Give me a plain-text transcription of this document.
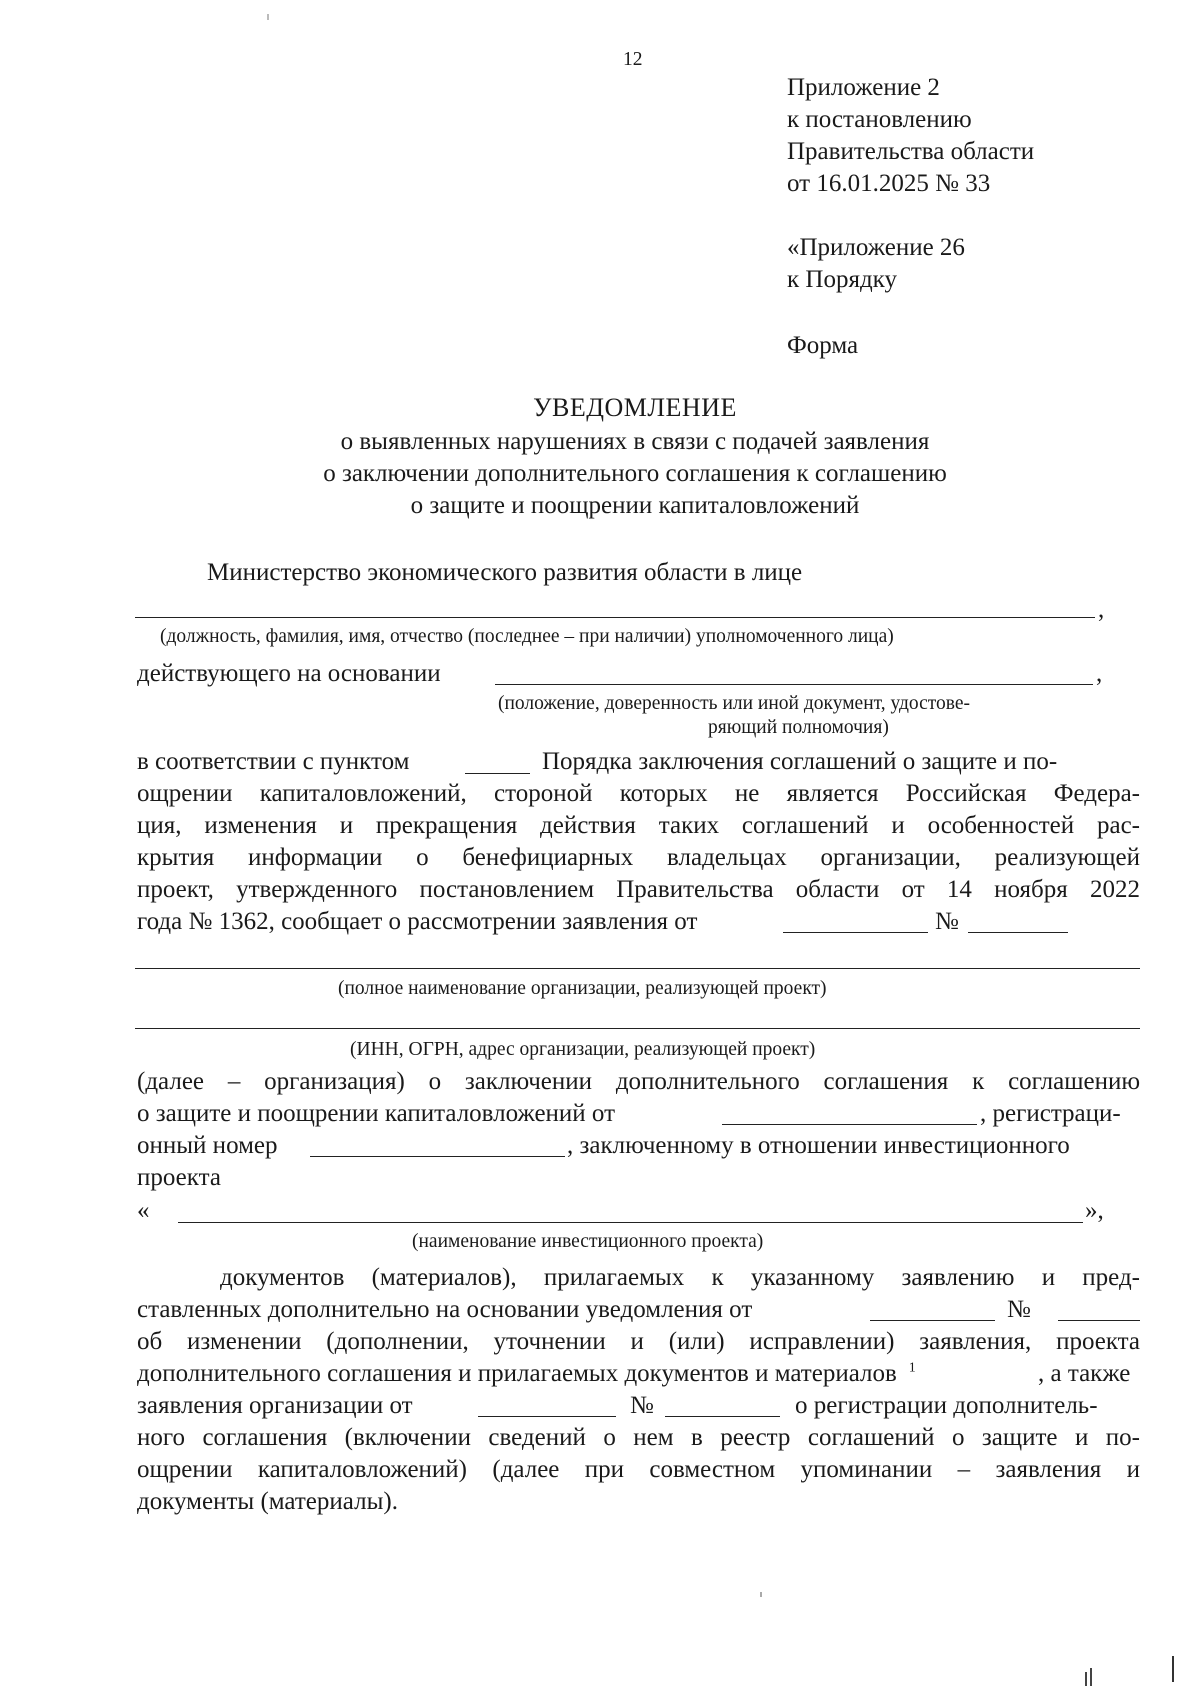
12
Приложение 2
к постановлению
Правительства области
от 16.01.2025 № 33
«Приложение 26
к Порядку
Форма
УВЕДОМЛЕНИЕ
о выявленных нарушениях в связи с подачей заявления
о заключении дополнительного соглашения к соглашению
о защите и поощрении капиталовложений
Министерство экономического развития области в лице
,
(должность, фамилия, имя, отчество (последнее – при наличии) уполномоченного лица)
действующего на основании	,
(положение, доверенность или иной документ, удостове-
ряющий полномочия)
в соответствии с пунктом	Порядка заключения соглашений о защите и по-
ощрении капиталовложений, стороной которых не является Российская Федера-
ция, изменения и прекращения действия таких соглашений и особенностей рас-
крытия информации о бенефициарных владельцах организации, реализующей
проект, утвержденного постановлением Правительства области от 14 ноября 2022
года № 1362, сообщает о рассмотрении заявления от	№
(полное наименование организации, реализующей проект)
(ИНН, ОГРН, адрес организации, реализующей проект)
(далее – организация) о заключении дополнительного соглашения к соглашению
о защите и поощрении капиталовложений от	, регистраци-
онный номер	, заключенному в отношении инвестиционного
проекта
«	»,
(наименование инвестиционного проекта)
документов (материалов), прилагаемых к указанному заявлению и пред-
ставленных дополнительно на основании уведомления от	№
об изменении (дополнении, уточнении и (или) исправлении) заявления, проекта
дополнительного соглашения и прилагаемых документов и материалов $^1$	, а также
заявления организации от	№	о регистрации дополнитель-
ного соглашения (включении сведений о нем в реестр соглашений о защите и по-
ощрении капиталовложений) (далее при совместном упоминании – заявления и
документы (материалы).
